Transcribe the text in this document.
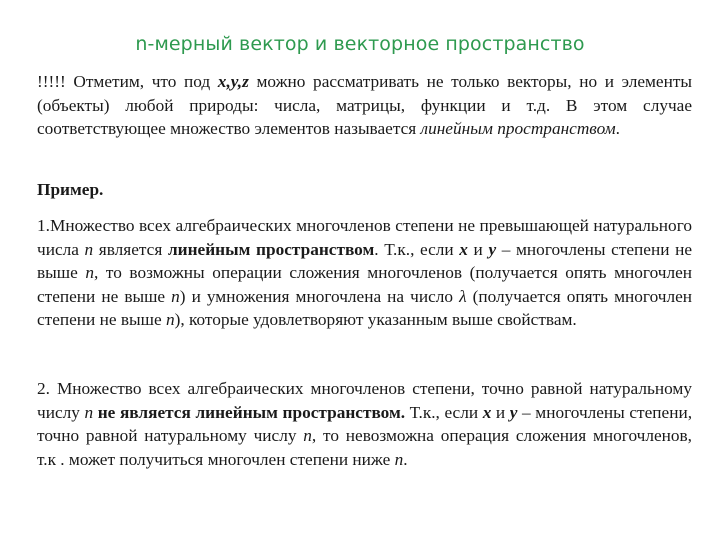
n-мерный вектор и векторное пространство
!!!!! Отметим, что под x,y,z можно рассматривать не только векторы, но и элементы (объекты) любой природы: числа, матрицы, функции и т.д. В этом случае соответствующее множество элементов называется линейным пространством.
Пример.
1.Множество всех алгебраических многочленов степени не превышающей натурального числа n является линейным пространством. Т.к., если x и y – многочлены степени не выше n, то возможны операции сложения многочленов (получается опять многочлен степени не выше n) и умножения многочлена на число λ (получается опять многочлен степени не выше n), которые удовлетворяют указанным выше свойствам.
2. Множество всех алгебраических многочленов степени, точно равной натуральному числу n не является линейным пространством. Т.к., если x и y – многочлены степени, точно равной натуральному числу n, то невозможна операция сложения многочленов, т.к . может получиться многочлен степени ниже n.
